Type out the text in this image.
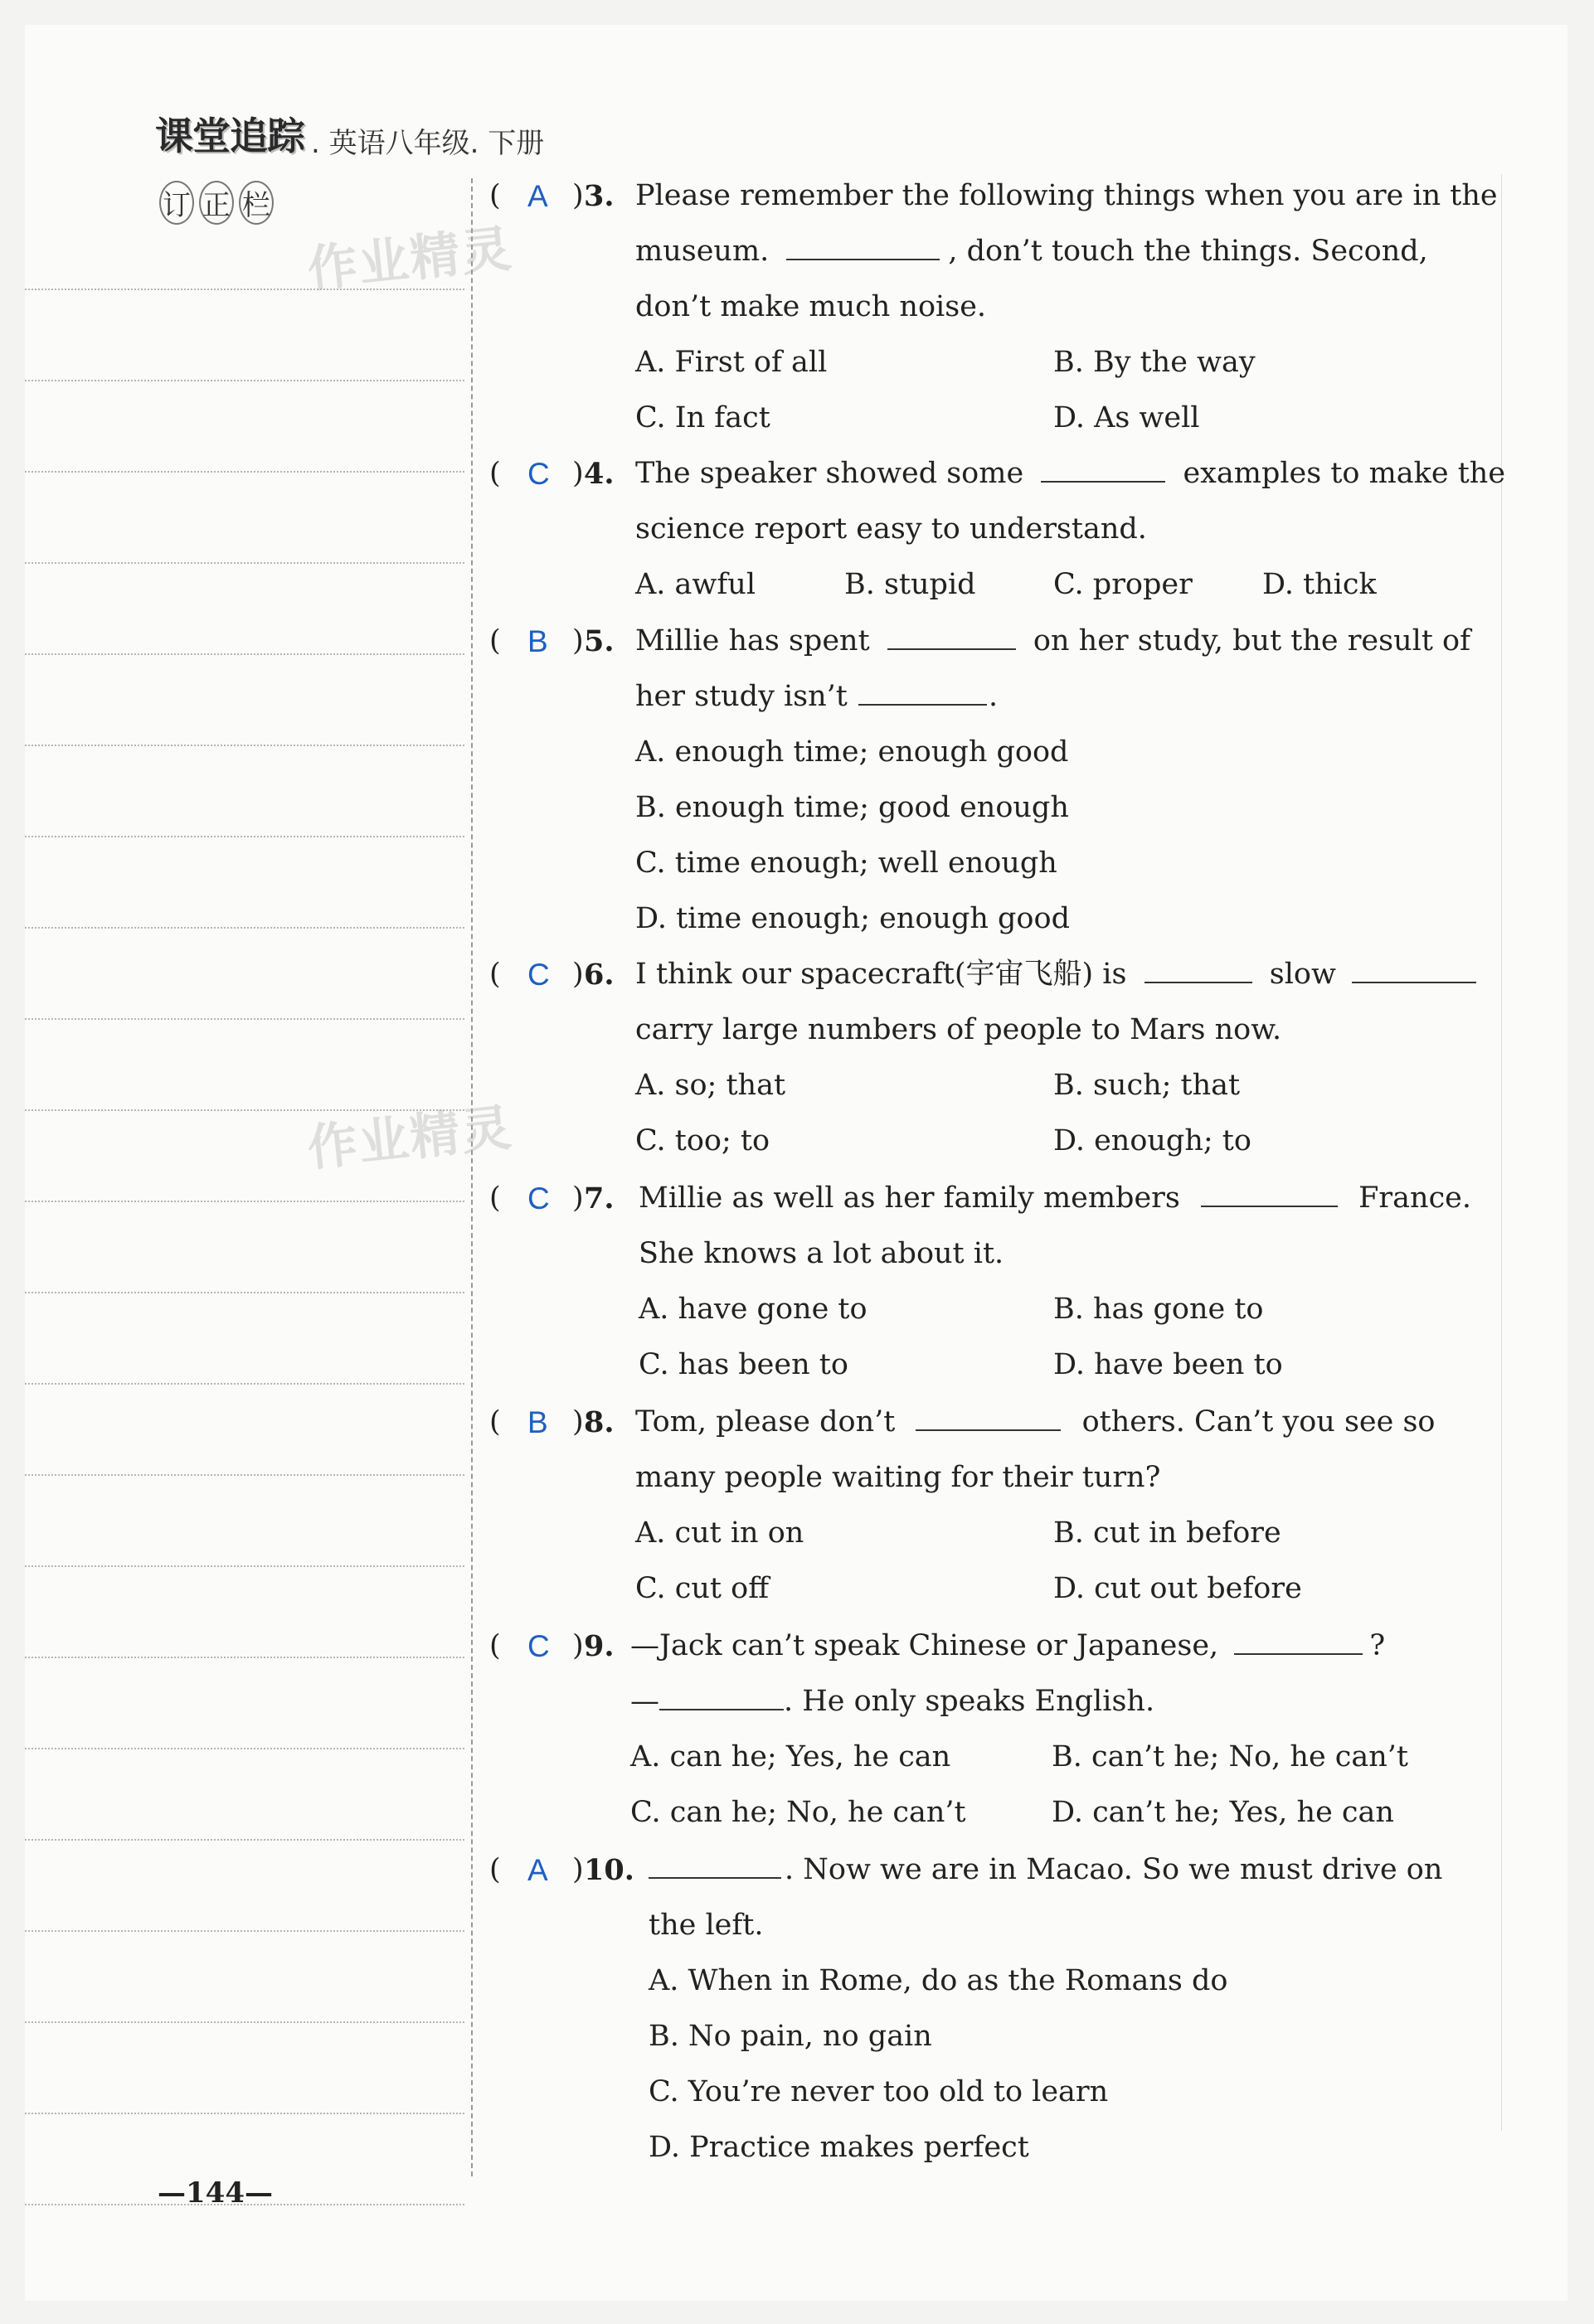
课堂追踪 . 英语八年级. 下册
订 正 栏
作业精灵
作业精灵
( A ) 3. Please remember the following things when you are in the
museum.	, don’t touch the things. Second,
don’t make much noise.
A. First of all	B. By the way
C. In fact	D. As well
( C ) 4. The speaker showed some	examples to make the
science report easy to understand.
A. awful	B. stupid	C. proper D. thick
( B ) 5. Millie has spent	on her study, but the result of
her study isn’t	.
A. enough time; enough good
B. enough time; good enough
C. time enough; well enough
D. time enough; enough good
( C ) 6. I think our spacecraft(宇宙飞船) is	slow
carry large numbers of people to Mars now.
A. so; that	B. such; that
C. too; to	D. enough; to
( C ) 7. Millie as well as her family members	France.
She knows a lot about it.
A. have gone to	B. has gone to
C. has been to	D. have been to
( B ) 8. Tom, please don’t	others. Can’t you see so
many people waiting for their turn?
A. cut in on	B. cut in before
C. cut off	D. cut out before
( C ) 9. —Jack can’t speak Chinese or Japanese,	?
—	. He only speaks English.
A. can he; Yes, he can	B. can’t he; No, he can’t
C. can he; No, he can’t	D. can’t he; Yes, he can
( A ) 10.	. Now we are in Macao. So we must drive on
the left.
A. When in Rome, do as the Romans do
B. No pain, no gain
C. You’re never too old to learn
D. Practice makes perfect
—144—
